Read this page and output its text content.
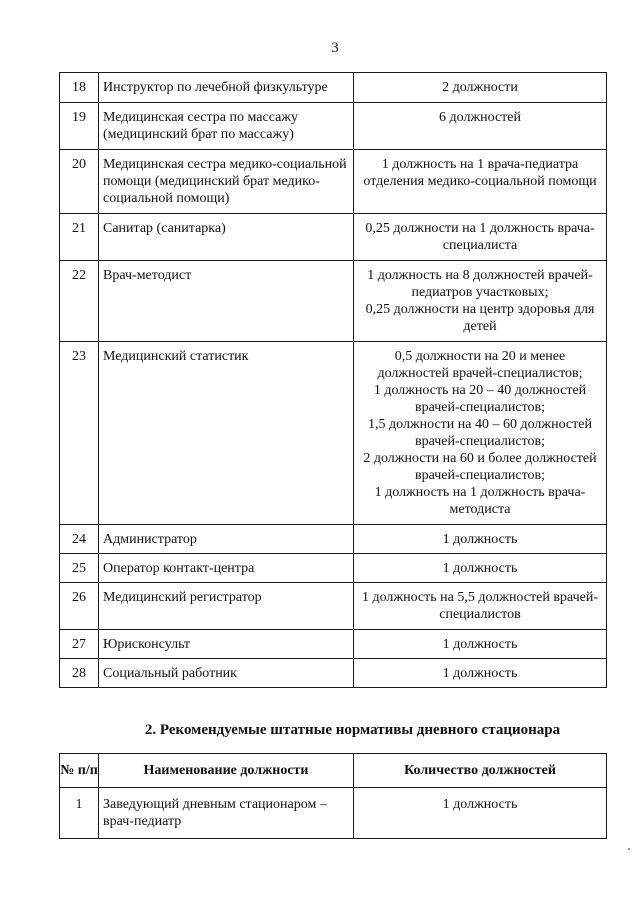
3
18	Инструктор по лечебной физкультуре	2 должности
19	Медицинская сестра по массажу (медицинский брат по массажу)	6 должностей
20	Медицинская сестра медико-социальной помощи (медицинский брат медико-социальной помощи)	1 должность на 1 врача-педиатра отделения медико-социальной помощи
21	Санитар (санитарка)	0,25 должности на 1 должность врача-специалиста
22	Врач-методист	1 должность на 8 должностей врачей-педиатров участковых;
0,25 должности на центр здоровья для детей
23	Медицинский статистик	0,5 должности на 20 и менее должностей врачей-специалистов;
1 должность на 20 – 40 должностей врачей-специалистов;
1,5 должности на 40 – 60 должностей врачей-специалистов;
2 должности на 60 и более должностей врачей-специалистов;
1 должность на 1 должность врача-методиста
24	Администратор	1 должность
25	Оператор контакт-центра	1 должность
26	Медицинский регистратор	1 должность на 5,5 должностей врачей-специалистов
27	Юрисконсульт	1 должность
28	Социальный работник	1 должность
2. Рекомендуемые штатные нормативы дневного стационара
№ п/п	Наименование должности	Количество должностей
1	Заведующий дневным стационаром – врач-педиатр	1 должность
